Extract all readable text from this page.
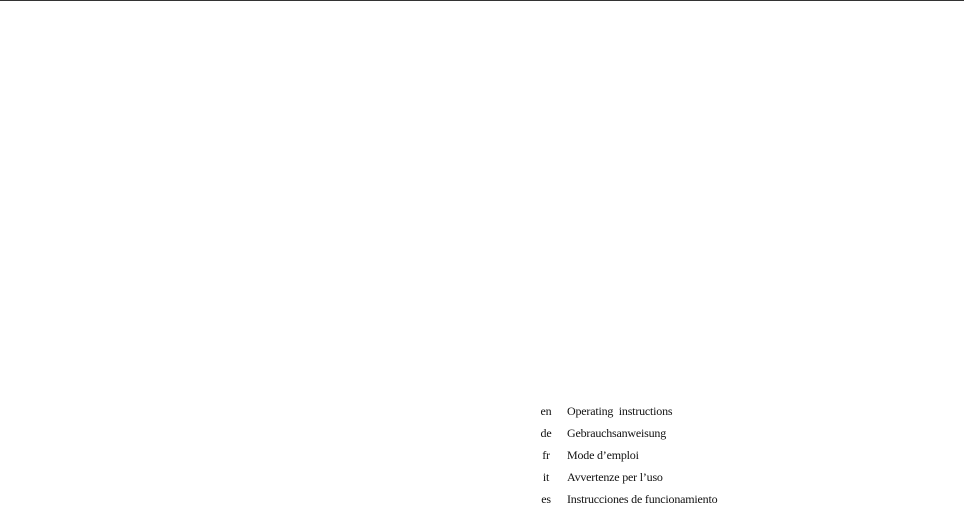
en	Operating  instructions
de	Gebrauchsanweisung
fr	Mode d’emploi
it	Avvertenze per l’uso
es	Instrucciones de funcionamiento
